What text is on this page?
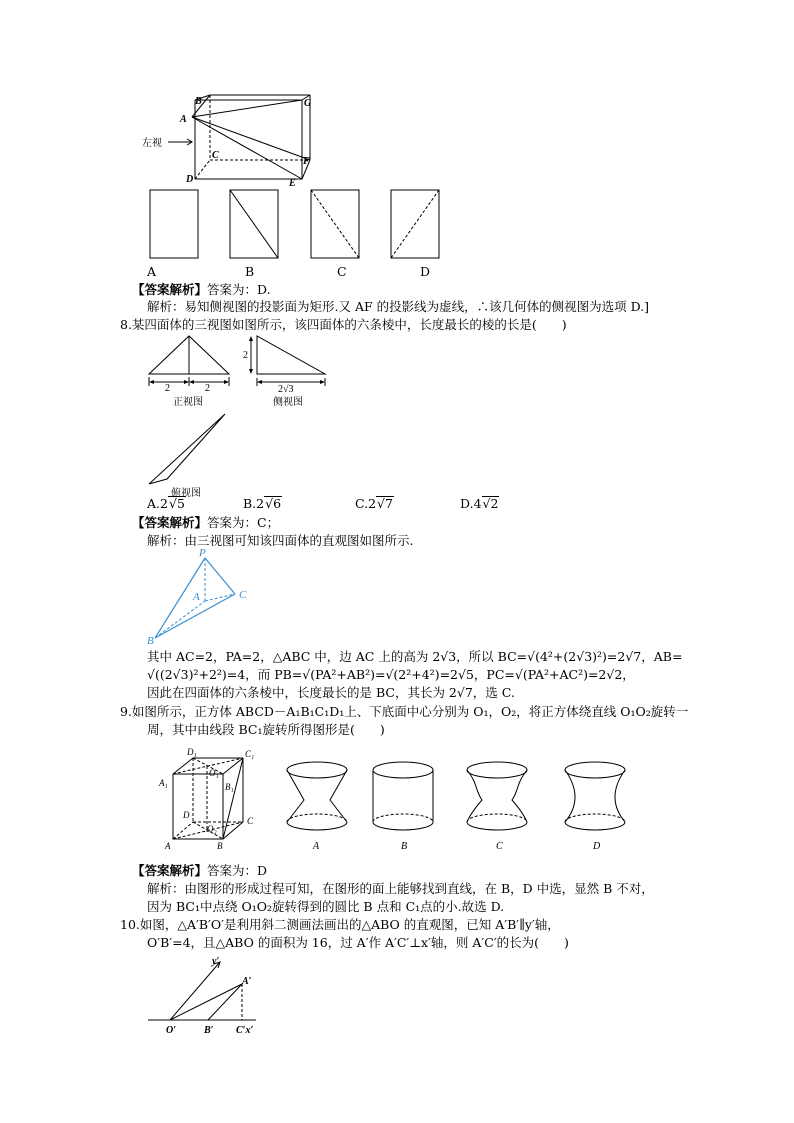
B	G
A
C
F
D	E
左视
A	B	C	D
【答案解析】答案为：D.
解析：易知侧视图的投影面为矩形.又 AF 的投影线为虚线，∴该几何体的侧视图为选项 D.]
8.某四面体的三视图如图所示，该四面体的六条棱中，长度最长的棱的长是(　　)
2	2
正视图
2
2√3
侧视图
俯视图
A.2√5	B.2√6	C.2√7	D.4√2
【答案解析】答案为：C；
解析：由三视图可知该四面体的直观图如图所示.
P
A	C
B
其中 AC=2，PA=2，△ABC 中，边 AC 上的高为 2√3，所以 BC=√(4²+(2√3)²)=2√7，AB=
√((2√3)²+2²)=4，而 PB=√(PA²+AB²)=√(2²+4²)=2√5，PC=√(PA²+AC²)=2√2，
因此在四面体的六条棱中，长度最长的是 BC，其长为 2√7，选 C.
9.如图所示，正方体 ABCD－A₁B₁C₁D₁上、下底面中心分别为 O₁，O₂，将正方体绕直线 O₁O₂旋转一
周，其中由线段 BC₁旋转所得图形是(　　)
D₁	C₁
A₁
O₁
B₁
D
C
O₂
A	B	A	B	C	D
【答案解析】答案为：D
解析：由图形的形成过程可知，在图形的面上能够找到直线，在 B，D 中选，显然 B 不对，
因为 BC₁中点绕 O₁O₂旋转得到的圆比 B 点和 C₁点的小.故选 D.
10.如图，△A′B′O′是利用斜二测画法画出的△ABO 的直观图，已知 A′B′∥y′轴，
O′B′=4，且△ABO 的面积为 16，过 A′作 A′C′⊥x′轴，则 A′C′的长为(　　)
y′
A′
O′	B′ C′x′
